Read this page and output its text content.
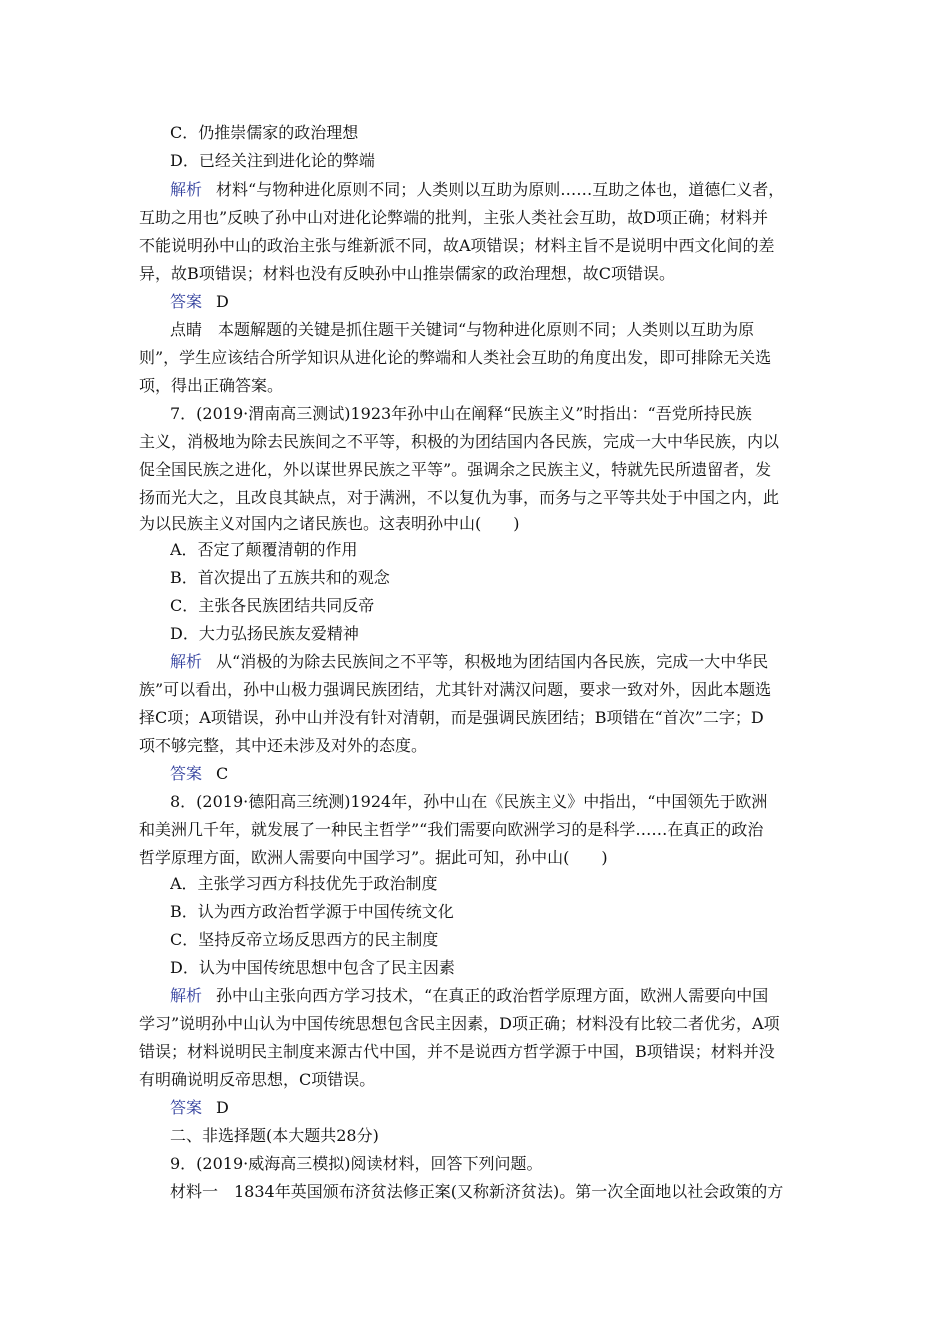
C．仍推崇儒家的政治理想
D．已经关注到进化论的弊端
解析 材料“与物种进化原则不同；人类则以互助为原则……互助之体也，道德仁义者，
互助之用也”反映了孙中山对进化论弊端的批判，主张人类社会互助，故D项正确；材料并
不能说明孙中山的政治主张与维新派不同，故A项错误；材料主旨不是说明中西文化间的差
异，故B项错误；材料也没有反映孙中山推崇儒家的政治理想，故C项错误。
答案 D
点睛　本题解题的关键是抓住题干关键词“与物种进化原则不同；人类则以互助为原
则”，学生应该结合所学知识从进化论的弊端和人类社会互助的角度出发，即可排除无关选
项，得出正确答案。
7．(2019·渭南高三测试)1923年孙中山在阐释“民族主义”时指出：“吾党所持民族
主义，消极地为除去民族间之不平等，积极的为团结国内各民族，完成一大中华民族，内以
促全国民族之进化，外以谋世界民族之平等”。强调余之民族主义，特就先民所遗留者，发
扬而光大之，且改良其缺点，对于满洲，不以复仇为事，而务与之平等共处于中国之内，此
为以民族主义对国内之诸民族也。这表明孙中山(　　)
A．否定了颠覆清朝的作用
B．首次提出了五族共和的观念
C．主张各民族团结共同反帝
D．大力弘扬民族友爱精神
解析 从“消极的为除去民族间之不平等，积极地为团结国内各民族，完成一大中华民
族”可以看出，孙中山极力强调民族团结，尤其针对满汉问题，要求一致对外，因此本题选
择C项；A项错误，孙中山并没有针对清朝，而是强调民族团结；B项错在“首次”二字；D
项不够完整，其中还未涉及对外的态度。
答案 C
8．(2019·德阳高三统测)1924年，孙中山在《民族主义》中指出，“中国领先于欧洲
和美洲几千年，就发展了一种民主哲学”“我们需要向欧洲学习的是科学……在真正的政治
哲学原理方面，欧洲人需要向中国学习”。据此可知，孙中山(　　)
A．主张学习西方科技优先于政治制度
B．认为西方政治哲学源于中国传统文化
C．坚持反帝立场反思西方的民主制度
D．认为中国传统思想中包含了民主因素
解析 孙中山主张向西方学习技术，“在真正的政治哲学原理方面，欧洲人需要向中国
学习”说明孙中山认为中国传统思想包含民主因素，D项正确；材料没有比较二者优劣，A项
错误；材料说明民主制度来源古代中国，并不是说西方哲学源于中国，B项错误；材料并没
有明确说明反帝思想，C项错误。
答案 D
二、非选择题(本大题共28分)
9．(2019·威海高三模拟)阅读材料，回答下列问题。
材料一　1834年英国颁布济贫法修正案(又称新济贫法)。第一次全面地以社会政策的方
